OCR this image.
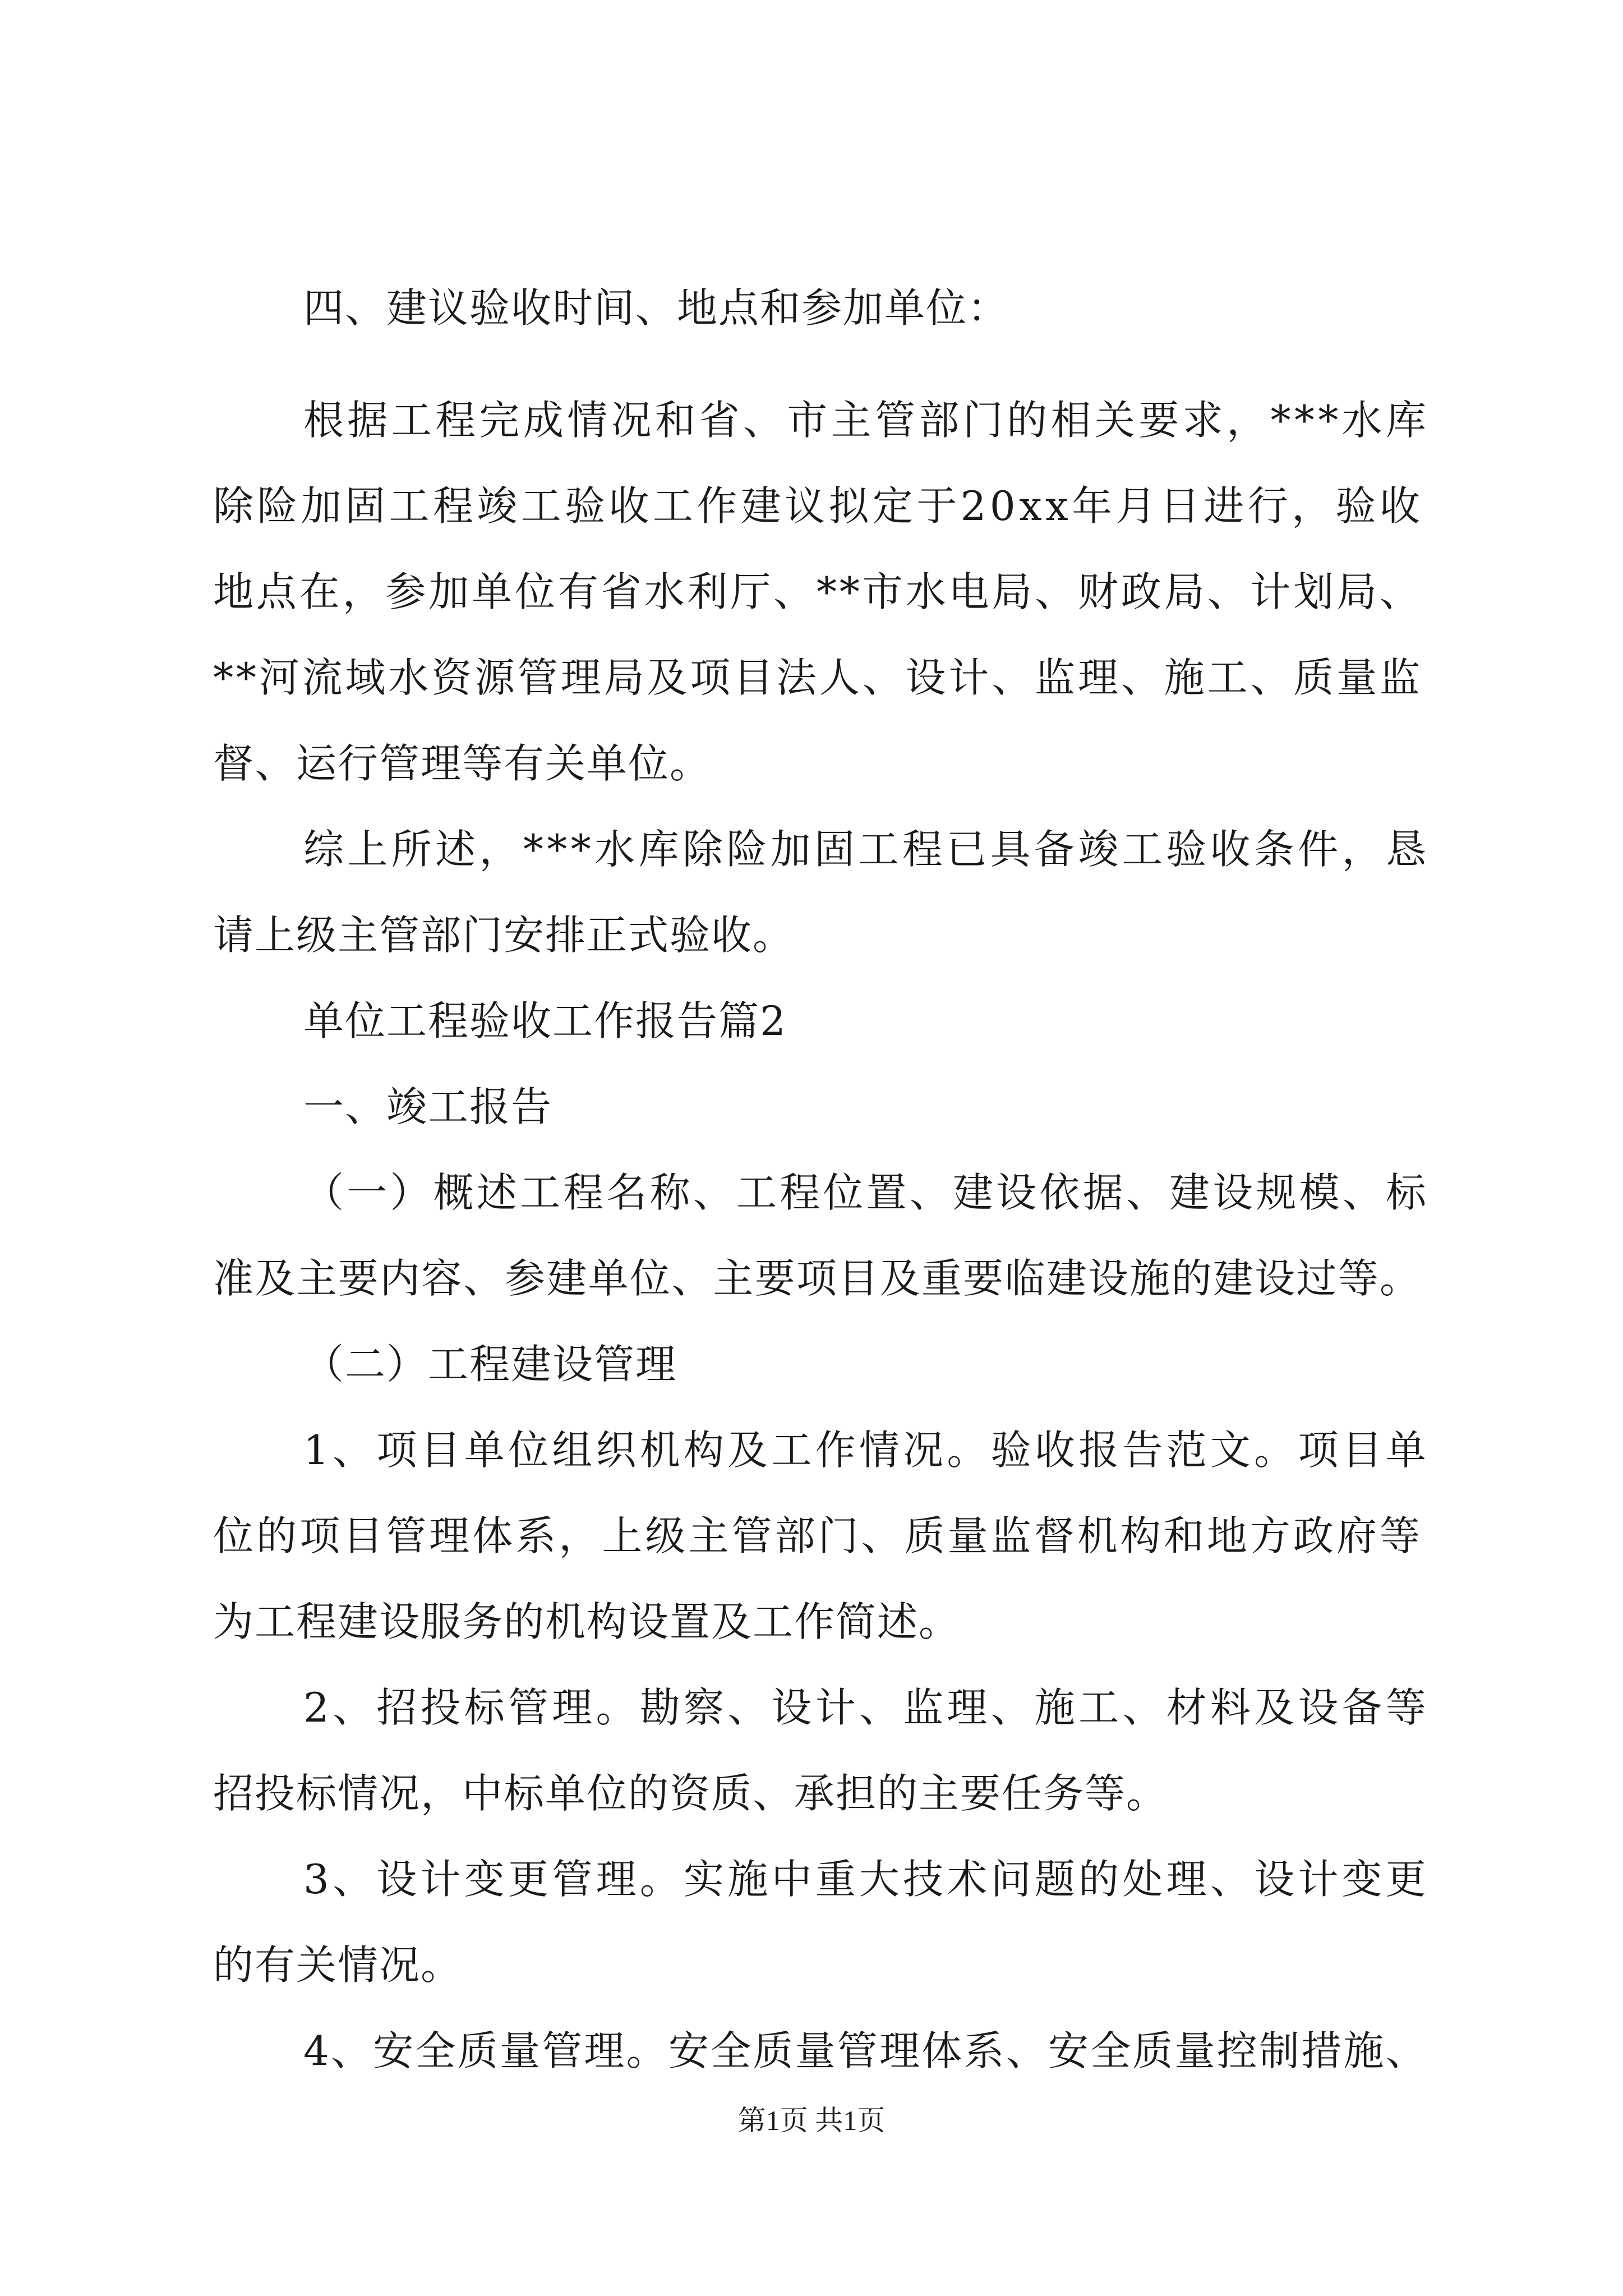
四、建议验收时间、地点和参加单位：
根据工程完成情况和省、市主管部门的相关要求，***水库
除险加固工程竣工验收工作建议拟定于20xx年月日进行，验收
地点在，参加单位有省水利厅、**市水电局、财政局、计划局、
**河流域水资源管理局及项目法人、设计、监理、施工、质量监
督、运行管理等有关单位。
综上所述，***水库除险加固工程已具备竣工验收条件，恳
请上级主管部门安排正式验收。
单位工程验收工作报告篇2
一、竣工报告
（一）概述工程名称、工程位置、建设依据、建设规模、标
准及主要内容、参建单位、主要项目及重要临建设施的建设过等。
（二）工程建设管理
1、项目单位组织机构及工作情况。验收报告范文。项目单
位的项目管理体系，上级主管部门、质量监督机构和地方政府等
为工程建设服务的机构设置及工作简述。
2、招投标管理。勘察、设计、监理、施工、材料及设备等
招投标情况，中标单位的资质、承担的主要任务等。
3、设计变更管理。实施中重大技术问题的处理、设计变更
的有关情况。
4、安全质量管理。安全质量管理体系、安全质量控制措施、
第1页 共1页
